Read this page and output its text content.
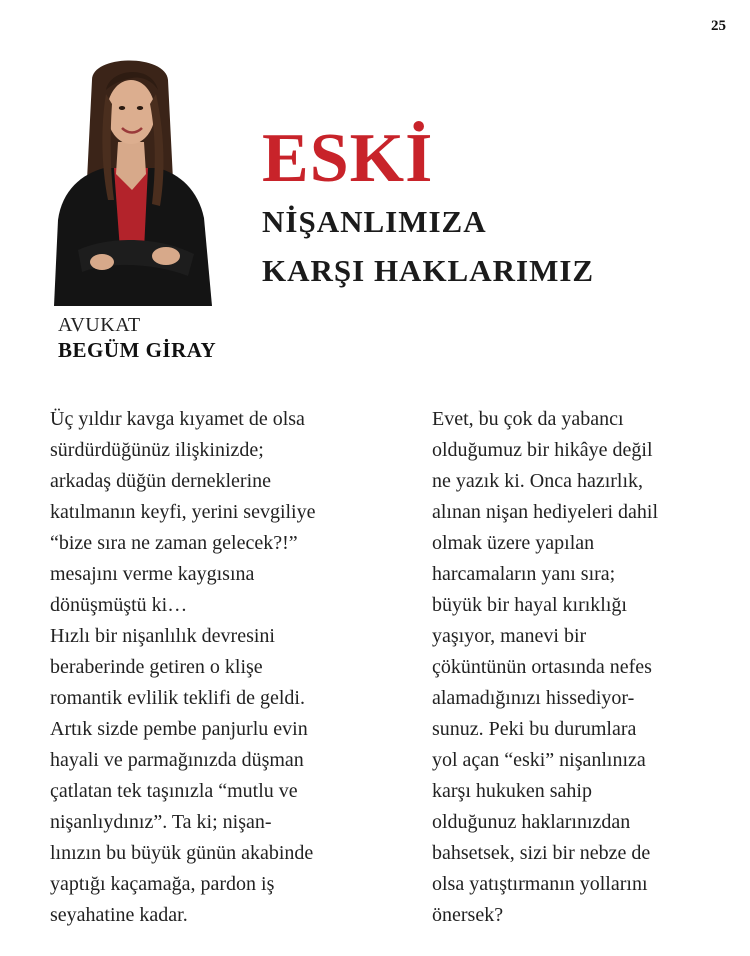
25
AVUKAT
BEGÜM GİRAY
ESKİ
NİŞANLIMIZA
KARŞI HAKLARIMIZ
Üç yıldır kavga kıyamet de olsa
sürdürdüğünüz ilişkinizde;
arkadaş düğün derneklerine
katılmanın keyfi, yerini sevgiliye
“bize sıra ne zaman gelecek?!”
mesajını verme kaygısına
dönüşmüştü ki…
Hızlı bir nişanlılık devresini
beraberinde getiren o klişe
romantik evlilik teklifi de geldi.
Artık sizde pembe panjurlu evin
hayali ve parmağınızda düşman
çatlatan tek taşınızla “mutlu ve
nişanlıydınız”. Ta ki; nişan-
lınızın bu büyük günün akabinde
yaptığı kaçamağa, pardon iş
seyahatine kadar.
Evet, bu çok da yabancı
olduğumuz bir hikâye değil
ne yazık ki. Onca hazırlık,
alınan nişan hediyeleri dahil
olmak üzere yapılan
harcamaların yanı sıra;
büyük bir hayal kırıklığı
yaşıyor, manevi bir
çöküntünün ortasında nefes
alamadığınızı hissediyor-
sunuz. Peki bu durumlara
yol açan “eski” nişanlınıza
karşı hukuken sahip
olduğunuz haklarınızdan
bahsetsek, sizi bir nebze de
olsa yatıştırmanın yollarını
önersek?
